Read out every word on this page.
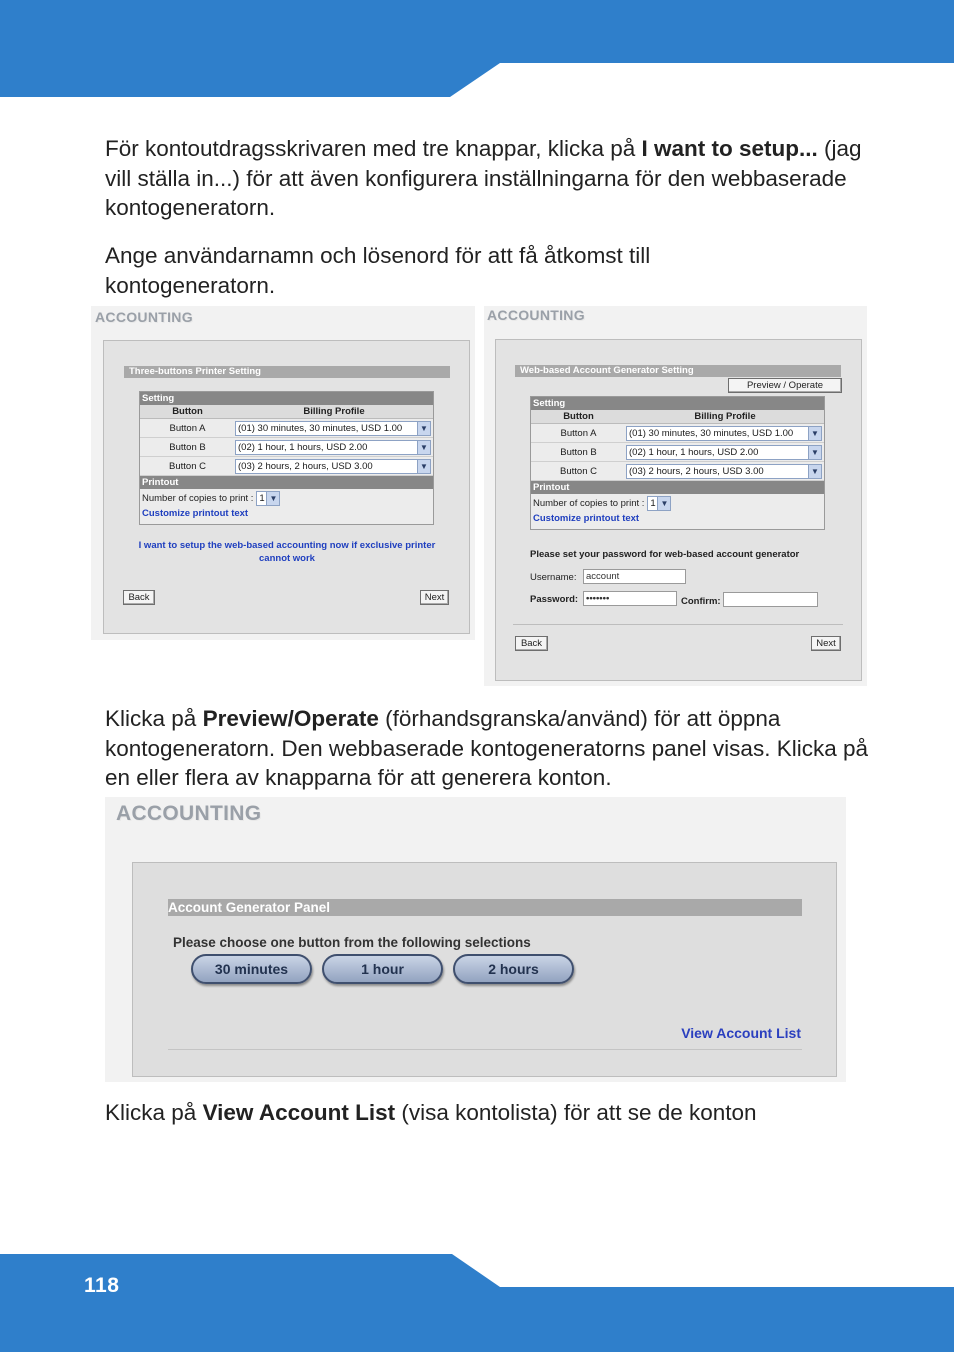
För kontoutdragsskrivaren med tre knappar, klicka på I want to setup... (jag vill ställa in...) för att även konfigurera inställningarna för den webbaserade kontogeneratorn.
Ange användarnamn och lösenord för att få åtkomst till kontogeneratorn.
ACCOUNTING
Three-buttons Printer Setting
Setting
Button	Billing Profile
Button A	(01) 30 minutes, 30 minutes, USD 1.00	▼
Button B	(02) 1 hour, 1 hours, USD 2.00	▼
Button C	(03) 2 hours, 2 hours, USD 3.00	▼
Printout
Number of copies to print : 1 ▼
Customize printout text
I want to setup the web-based accounting now if exclusive printer cannot work
Back	Next
ACCOUNTING
Web-based Account Generator Setting
Preview / Operate
Setting
Button	Billing Profile
Button A	(01) 30 minutes, 30 minutes, USD 1.00	▼
Button B	(02) 1 hour, 1 hours, USD 2.00	▼
Button C	(03) 2 hours, 2 hours, USD 3.00	▼
Printout
Number of copies to print : 1 ▼
Customize printout text
Please set your password for web-based account generator
Username:	account
Password: •••••••	Confirm:
Back	Next
Klicka på Preview/Operate (förhandsgranska/använd) för att öppna kontogeneratorn. Den webbaserade kontogeneratorns panel visas. Klicka på en eller flera av knapparna för att generera konton.
ACCOUNTING
Account Generator Panel
Please choose one button from the following selections
30 minutes	1 hour	2 hours
View Account List
Klicka på View Account List (visa kontolista) för att se de konton
118
